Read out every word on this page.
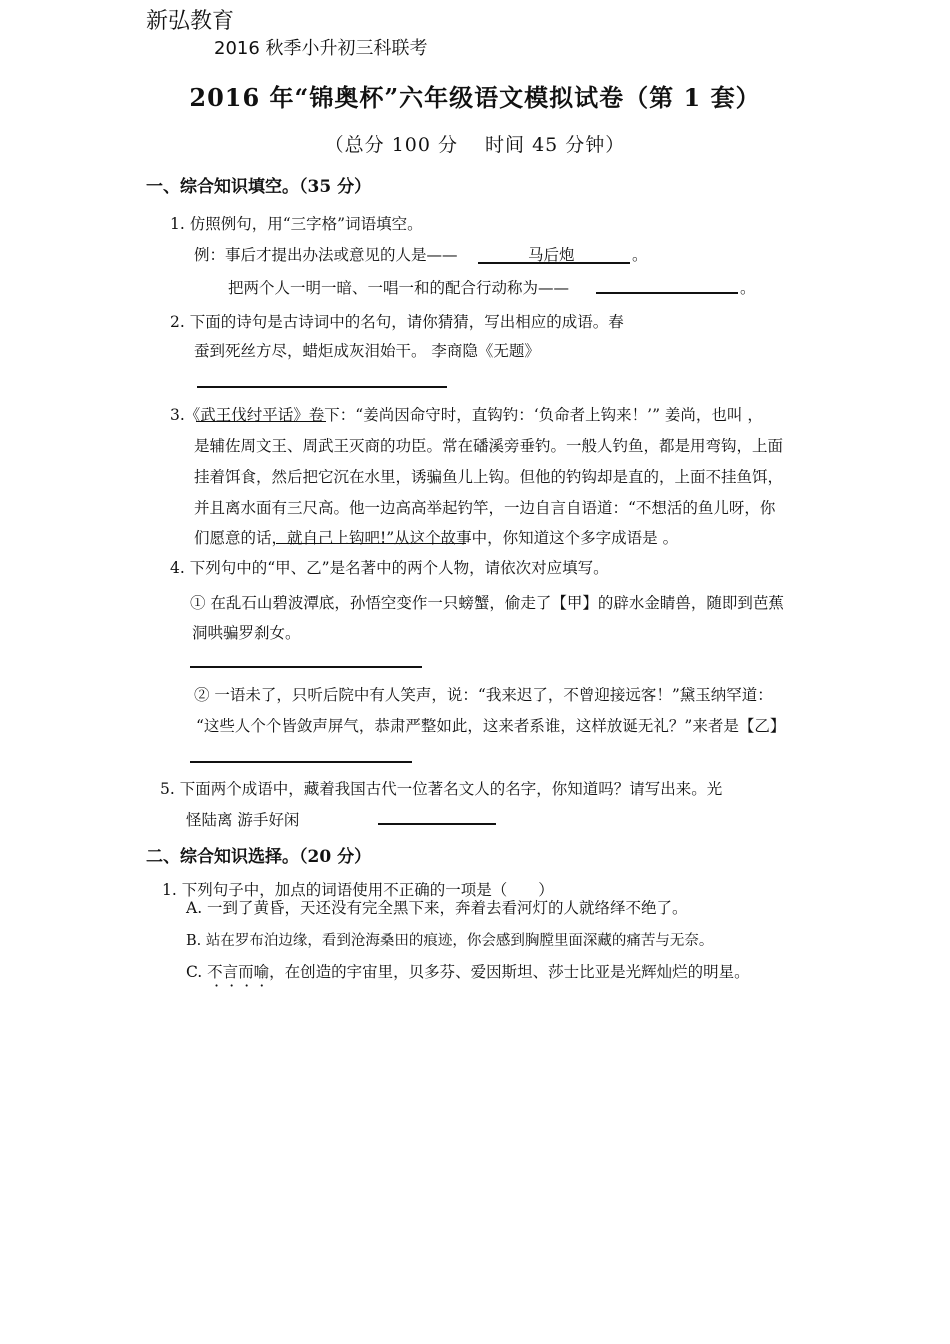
新弘教育
2016 秋季小升初三科联考
2016 年“锦奥杯”六年级语文模拟试卷（第 1 套）
（总分 100 分　 时间 45 分钟）
一、综合知识填空。（35 分）
1. 仿照例句，用“三字格”词语填空。
例：事后才提出办法或意见的人是——	马后炮	。
把两个人一明一暗、一唱一和的配合行动称为——	。
2. 下面的诗句是古诗词中的名句，请你猜猜，写出相应的成语。春
蚕到死丝方尽，蜡炬成灰泪始干。 李商隐《无题》
3.《武王伐纣平话》卷下：“姜尚因命守时，直钩钓：‘负命者上钩来！’” 姜尚，也叫 ，
是辅佐周文王、周武王灭商的功臣。常在磻溪旁垂钓。一般人钓鱼，都是用弯钩，上面
挂着饵食，然后把它沉在水里，诱骗鱼儿上钩。但他的钓钩却是直的，上面不挂鱼饵，
并且离水面有三尺高。他一边高高举起钓竿，一边自言自语道：“不想活的鱼儿呀，你
们愿意的话，就自己上钩吧!”从这个故事中，你知道这个多字成语是 。
4. 下列句中的“甲、乙”是名著中的两个人物，请依次对应填写。
① 在乱石山碧波潭底，孙悟空变作一只螃蟹，偷走了【甲】的辟水金睛兽，随即到芭蕉
洞哄骗罗刹女。
② 一语未了，只听后院中有人笑声，说：“我来迟了，不曾迎接远客！”黛玉纳罕道：
“这些人个个皆敛声屏气，恭肃严整如此，这来者系谁，这样放诞无礼？”来者是【乙】
5. 下面两个成语中，藏着我国古代一位著名文人的名字，你知道吗？请写出来。光
怪陆离 游手好闲
二、综合知识选择。（20 分）
1. 下列句子中，加点的词语使用不正确的一项是（　　）
A. 一到了黄昏，天还没有完全黑下来，奔着去看河灯的人就络绎不绝了。
B. 站在罗布泊边缘，看到沧海桑田的痕迹，你会感到胸膛里面深藏的痛苦与无奈。
C. 不言而喻，在创造的宇宙里，贝多芬、爱因斯坦、莎士比亚是光辉灿烂的明星。
····
